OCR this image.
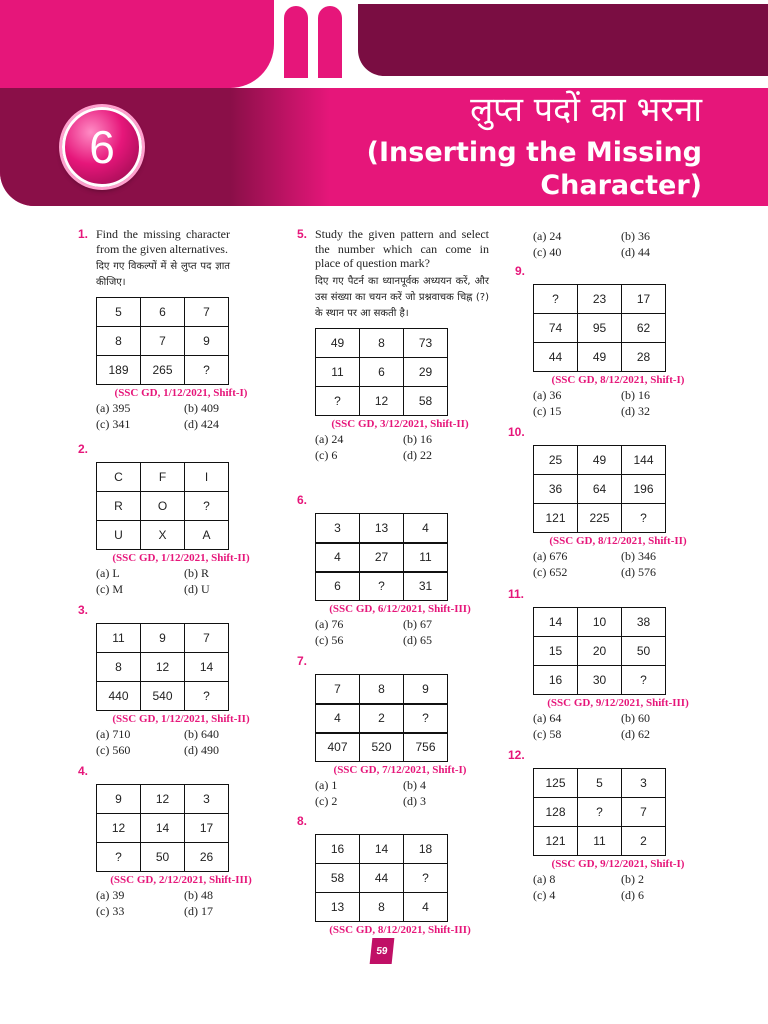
6
लुप्त पदों का भरना
(Inserting the Missing Character)
1. Find the missing character from the given alternatives.
दिए गए विकल्पों में से लुप्त पद ज्ञात कीजिए।
5	6	7
8	7	9
189	265	?
(SSC GD, 1/12/2021, Shift-I)
(a) 395	(b) 409
(c) 341	(d) 424
2.
C	F	I
R	O	?
U	X	A
(SSC GD, 1/12/2021, Shift-II)
(a) L	(b) R
(c) M	(d) U
3.
11	9	7
8	12	14
440	540	?
(SSC GD, 1/12/2021, Shift-II)
(a) 710	(b) 640
(c) 560	(d) 490
4.
9	12	3
12	14	17
?	50	26
(SSC GD, 2/12/2021, Shift-III)
(a) 39	(b) 48
(c) 33	(d) 17
5. Study the given pattern and select the number which can come in place of question mark?
दिए गए पैटर्न का ध्यानपूर्वक अध्ययन करें, और उस संख्या का चयन करें जो प्रश्नवाचक चिह्न (?) के स्थान पर आ सकती है।
49	8	73
11	6	29
?	12	58
(SSC GD, 3/12/2021, Shift-II)
(a) 24	(b) 16
(c) 6	(d) 22
6.
3	13	4
4	27	11
6	?	31
(SSC GD, 6/12/2021, Shift-III)
(a) 76	(b) 67
(c) 56	(d) 65
7.
7	8	9
4	2	?
407	520	756
(SSC GD, 7/12/2021, Shift-I)
(a) 1	(b) 4
(c) 2	(d) 3
8.
16	14	18
58	44	?
13	8	4
(SSC GD, 8/12/2021, Shift-III)
(a) 24	(b) 36
(c) 40	(d) 44
9.
?	23	17
74	95	62
44	49	28
(SSC GD, 8/12/2021, Shift-I)
(a) 36	(b) 16
(c) 15	(d) 32
10.
25	49	144
36	64	196
121	225	?
(SSC GD, 8/12/2021, Shift-II)
(a) 676	(b) 346
(c) 652	(d) 576
11.
14	10	38
15	20	50
16	30	?
(SSC GD, 9/12/2021, Shift-III)
(a) 64	(b) 60
(c) 58	(d) 62
12.
125	5	3
128	?	7
121	11	2
(SSC GD, 9/12/2021, Shift-I)
(a) 8	(b) 2
(c) 4	(d) 6
59
